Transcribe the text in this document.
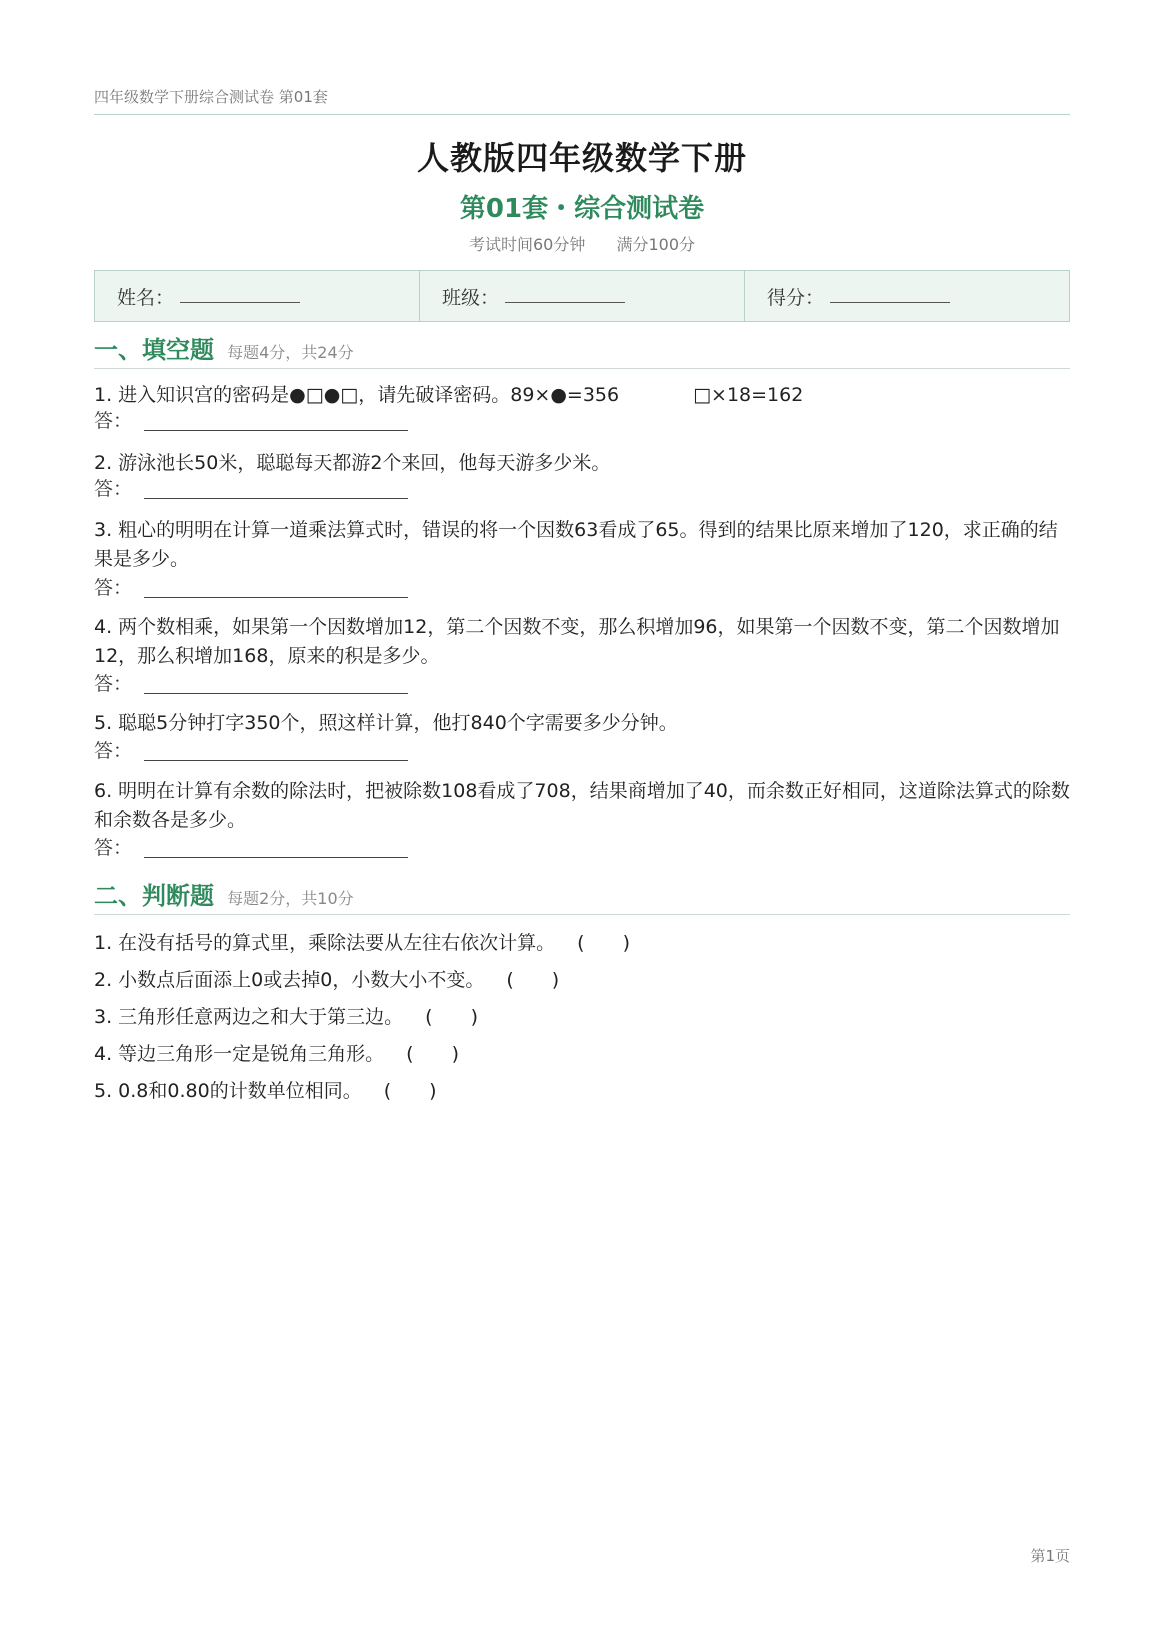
四年级数学下册综合测试卷 第01套
人教版四年级数学下册
第01套・综合测试卷
考试时间60分钟 满分100分
姓名：	班级：	得分：
一、填空题 每题4分，共24分
1. 进入知识宫的密码是●□●□，请先破译密码。89×●=356	□×18=162
答：
2. 游泳池长50米，聪聪每天都游2个来回，他每天游多少米。
答：
3. 粗心的明明在计算一道乘法算式时，错误的将一个因数63看成了65。得到的结果比原来增加了120，求正确的结果是多少。
答：
4. 两个数相乘，如果第一个因数增加12，第二个因数不变，那么积增加96，如果第一个因数不变，第二个因数增加12，那么积增加168，原来的积是多少。
答：
5. 聪聪5分钟打字350个，照这样计算，他打840个字需要多少分钟。
答：
6. 明明在计算有余数的除法时，把被除数108看成了708，结果商增加了40，而余数正好相同，这道除法算式的除数和余数各是多少。
答：
二、判断题 每题2分，共10分
1. 在没有括号的算式里，乘除法要从左往右依次计算。 (　　)
2. 小数点后面添上0或去掉0，小数大小不变。 (　　)
3. 三角形任意两边之和大于第三边。 (　　)
4. 等边三角形一定是锐角三角形。 (　　)
5. 0.8和0.80的计数单位相同。 (　　)
第1页
